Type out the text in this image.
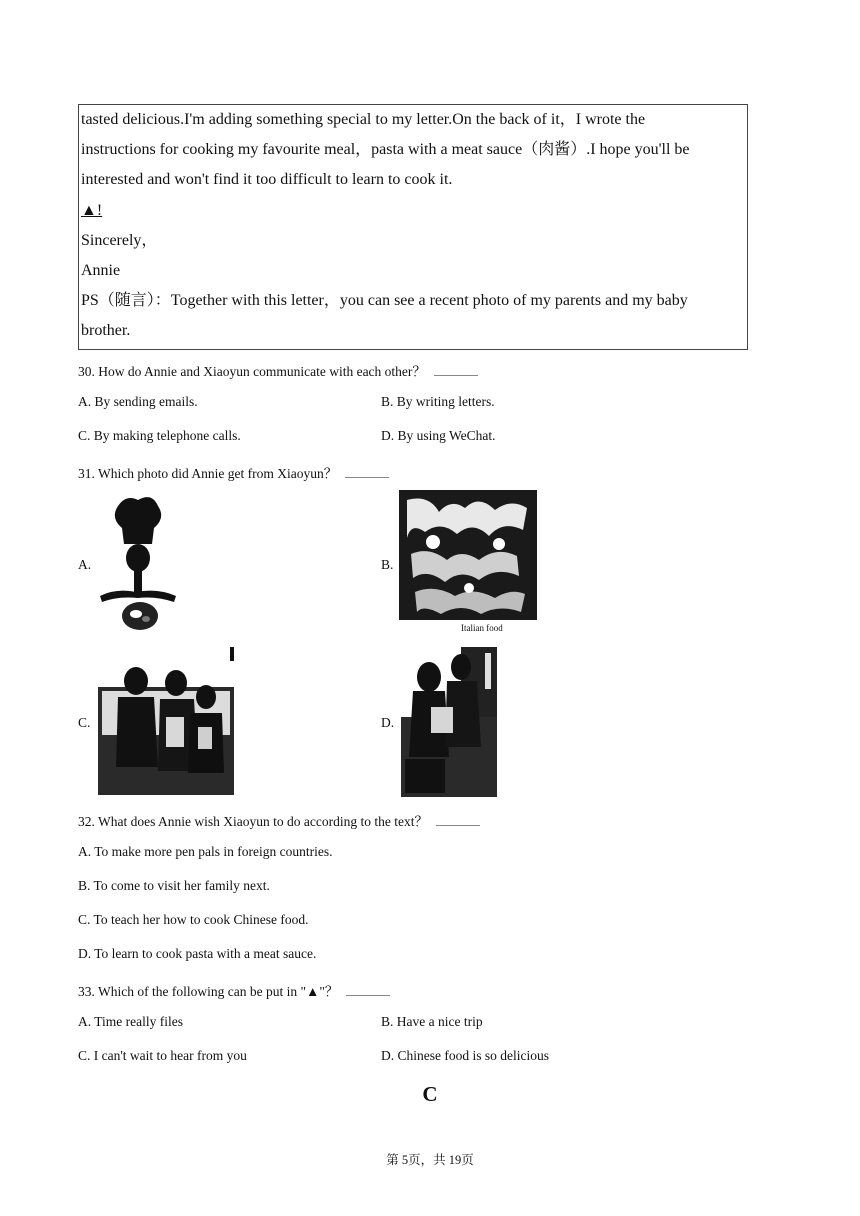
tasted delicious.I'm adding something special to my letter.On the back of it，I wrote the

instructions for cooking my favourite meal，pasta with a meat sauce（肉酱）.I hope you'll be

interested and won't find it too difficult to learn to cook it.

▲!

Sincerely，

Annie

PS（随言）：Together with this letter，you can see a recent photo of my parents and my baby

brother.

30. How do Annie and Xiaoyun communicate with each other？
A. By sending emails.	B. By writing letters.
C. By making telephone calls.	D. By using WeChat.
31. Which photo did Annie get from Xiaoyun？
A.	B.
Italian food
C.	D.
32. What does Annie wish Xiaoyun to do according to the text？
A. To make more pen pals in foreign countries.
B. To come to visit her family next.
C. To teach her how to cook Chinese food.
D. To learn to cook pasta with a meat sauce.
33. Which of the following can be put in "▲"？
A. Time really files	B. Have a nice trip
C. I can't wait to hear from you	D. Chinese food is so delicious
C
第 5页，共 19页
